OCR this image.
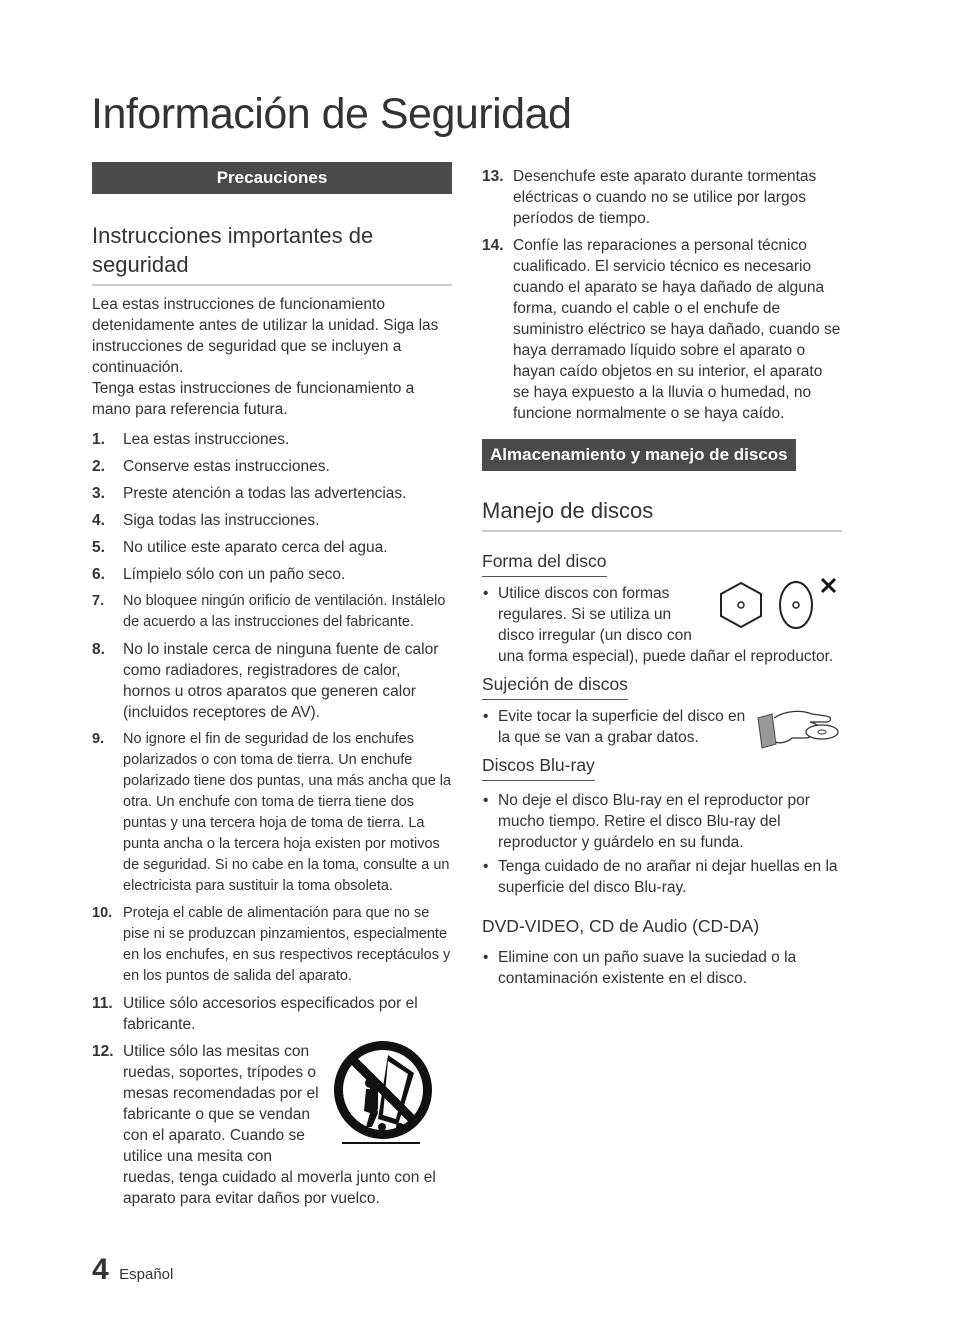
Información de Seguridad
Precauciones
Instrucciones importantes de
seguridad

Lea estas instrucciones de funcionamiento detenidamente antes de utilizar la unidad. Siga las instrucciones de seguridad que se incluyen a continuación.

Tenga estas instrucciones de funcionamiento a mano para referencia futura.

1. Lea estas instrucciones.
2. Conserve estas instrucciones.
3. Preste atención a todas las advertencias.
4. Siga todas las instrucciones.
5. No utilice este aparato cerca del agua.
6. Límpielo sólo con un paño seco.
7. No bloquee ningún orificio de ventilación. Instálelo de acuerdo a las instrucciones del fabricante.
8. No lo instale cerca de ninguna fuente de calor como radiadores, registradores de calor, hornos u otros aparatos que generen calor (incluidos receptores de AV).
9. No ignore el fin de seguridad de los enchufes polarizados o con toma de tierra. Un enchufe polarizado tiene dos puntas, una más ancha que la otra. Un enchufe con toma de tierra tiene dos puntas y una tercera hoja de toma de tierra. La punta ancha o la tercera hoja existen por motivos de seguridad. Si no cabe en la toma, consulte a un electricista para sustituir la toma obsoleta.
10. Proteja el cable de alimentación para que no se pise ni se produzcan pinzamientos, especialmente en los enchufes, en sus respectivos receptáculos y en los puntos de salida del aparato.
11. Utilice sólo accesorios especificados por el fabricante.
12. Utilice sólo las mesitas con ruedas, soportes, trípodes o mesas recomendadas por el fabricante o que se vendan con el aparato. Cuando se utilice una mesita con ruedas, tenga cuidado al moverla junto con el aparato para evitar daños por vuelco.
13. Desenchufe este aparato durante tormentas eléctricas o cuando no se utilice por largos períodos de tiempo.
14. Confíe las reparaciones a personal técnico cualificado. El servicio técnico es necesario cuando el aparato se haya dañado de alguna forma, cuando el cable o el enchufe de suministro eléctrico se haya dañado, cuando se haya derramado líquido sobre el aparato o hayan caído objetos en su interior, el aparato se haya expuesto a la lluvia o humedad, no funcione normalmente o se haya caído.
Almacenamiento y manejo de discos
Manejo de discos
Forma del disco
• Utilice discos con formas regulares. Si se utiliza un disco irregular (un disco con una forma especial), puede dañar el reproductor.
Sujeción de discos
• Evite tocar la superficie del disco en la que se van a grabar datos.
Discos Blu-ray
• No deje el disco Blu-ray en el reproductor por mucho tiempo. Retire el disco Blu-ray del reproductor y guárdelo en su funda.
• Tenga cuidado de no arañar ni dejar huellas en la superficie del disco Blu-ray.
DVD-VIDEO, CD de Audio (CD-DA)
• Elimine con un paño suave la suciedad o la contaminación existente en el disco.
4 Español
